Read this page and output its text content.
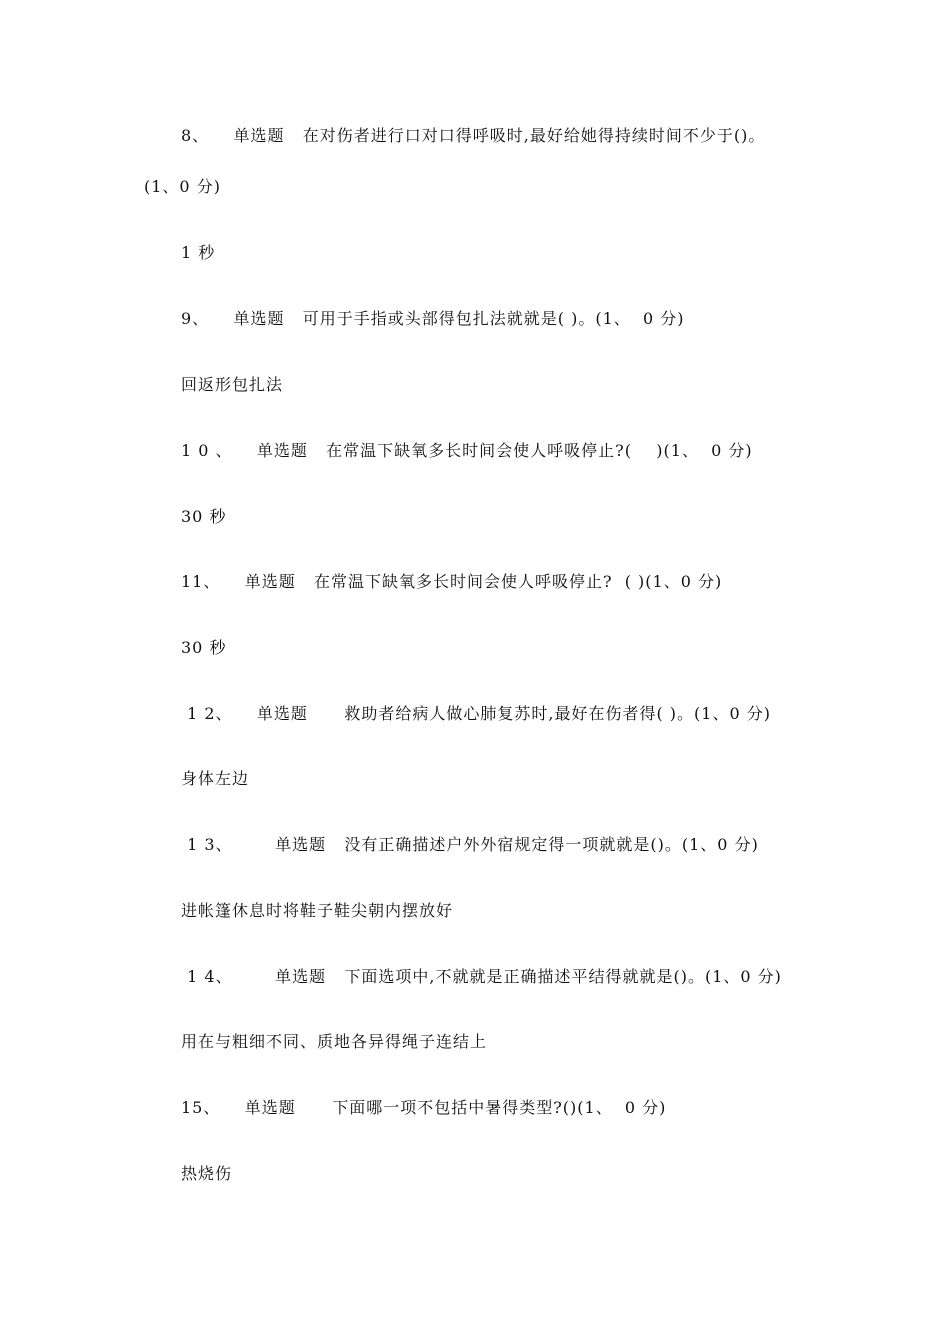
8、    单选题   在对伤者进行口对口得呼吸时,最好给她得持续时间不少于()。
(1、0 分)
1 秒
9、    单选题   可用于手指或头部得包扎法就就是( )。(1、  0 分)
回返形包扎法
1 0 、    单选题   在常温下缺氧多长时间会使人呼吸停止?(    )(1、  0 分)
30 秒
11、    单选题   在常温下缺氧多长时间会使人呼吸停止?  ( )(1、0 分)
30 秒
1 2、    单选题      救助者给病人做心肺复苏时,最好在伤者得( )。(1、0 分)
身体左边
1 3、       单选题   没有正确描述户外外宿规定得一项就就是()。(1、0 分)
进帐篷休息时将鞋子鞋尖朝内摆放好
1 4、       单选题   下面选项中,不就就是正确描述平结得就就是()。(1、0 分)
用在与粗细不同、质地各异得绳子连结上
15、    单选题      下面哪一项不包括中暑得类型?()(1、  0 分)
热烧伤
